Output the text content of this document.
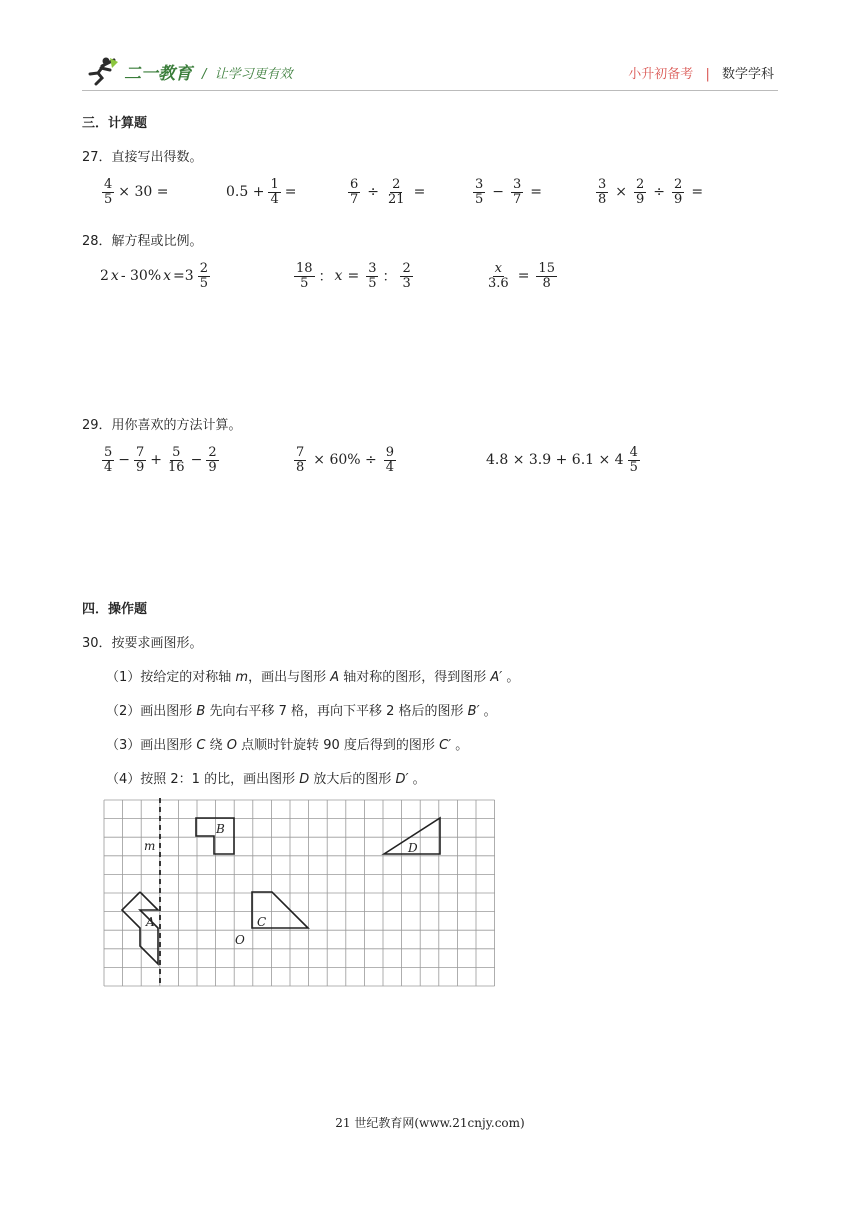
二一教育 / 让学习更有效	小升初备考 | 数学学科
三．计算题
27．直接写出得数。
$\frac{4}{5} \times 30$ =	$0.5 + \frac{1}{4}$ =	$\frac{6}{7} \div \frac{2}{21}$ =	$\frac{3}{5} - \frac{3}{7}$ =	$\frac{3}{8} \times \frac{2}{9} \div \frac{2}{9}$ =
28．解方程或比例。
2 x - 30% $x =3 \frac{2}{5}$	$\frac{18}{5}$ ： $x = \frac{3}{5}$ ： $\frac{2}{3}$	$\frac{x}{3.6} = \frac{15}{8}$
29．用你喜欢的方法计算。
$\frac{5}{4} - \frac{7}{9} + \frac{5}{16} - \frac{2}{9}$	$\frac{7}{8} \times 60\% \div \frac{9}{4}$	$4.8 \times 3.9 + 6.1 \times 4 \frac{4}{5}$
四．操作题
30．按要求画图形。
（1）按给定的对称轴 m，画出与图形 A 轴对称的图形，得到图形 A′ 。
（2）画出图形 B 先向右平移 7 格，再向下平移 2 格后的图形 B′ 。
（3）画出图形 C 绕 O 点顺时针旋转 90 度后得到的图形 C′ 。
（4）按照 2：1 的比，画出图形 D 放大后的图形 D′ 。
m
A
B
C
D
O
21 世纪教育网(www.21cnjy.com)
